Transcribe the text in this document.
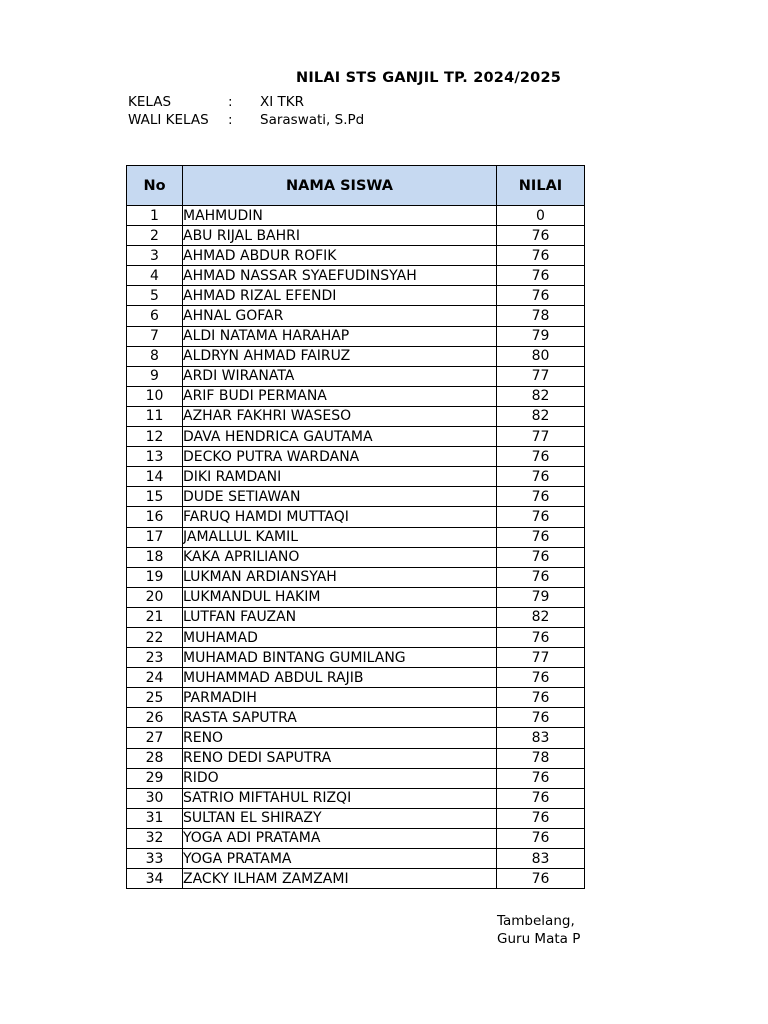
NILAI STS GANJIL TP. 2024/2025
KELAS	: XI TKR
WALI KELAS : Saraswati, S.Pd
No	NAMA SISWA	NILAI
1	MAHMUDIN	0
2	ABU RIJAL BAHRI	76
3	AHMAD ABDUR ROFIK	76
4	AHMAD NASSAR SYAEFUDINSYAH	76
5	AHMAD RIZAL EFENDI	76
6	AHNAL GOFAR	78
7	ALDI NATAMA HARAHAP	79
8	ALDRYN AHMAD FAIRUZ	80
9	ARDI WIRANATA	77
10	ARIF BUDI PERMANA	82
11	AZHAR FAKHRI WASESO	82
12	DAVA HENDRICA GAUTAMA	77
13	DECKO PUTRA WARDANA	76
14	DIKI RAMDANI	76
15	DUDE SETIAWAN	76
16	FARUQ HAMDI MUTTAQI	76
17	JAMALLUL KAMIL	76
18	KAKA APRILIANO	76
19	LUKMAN ARDIANSYAH	76
20	LUKMANDUL HAKIM	79
21	LUTFAN FAUZAN	82
22	MUHAMAD	76
23	MUHAMAD BINTANG GUMILANG	77
24	MUHAMMAD ABDUL RAJIB	76
25	PARMADIH	76
26	RASTA SAPUTRA	76
27	RENO	83
28	RENO DEDI SAPUTRA	78
29	RIDO	76
30	SATRIO MIFTAHUL RIZQI	76
31	SULTAN EL SHIRAZY	76
32	YOGA ADI PRATAMA	76
33	YOGA PRATAMA	83
34	ZACKY ILHAM ZAMZAMI	76
Tambelang,
Guru Mata P
